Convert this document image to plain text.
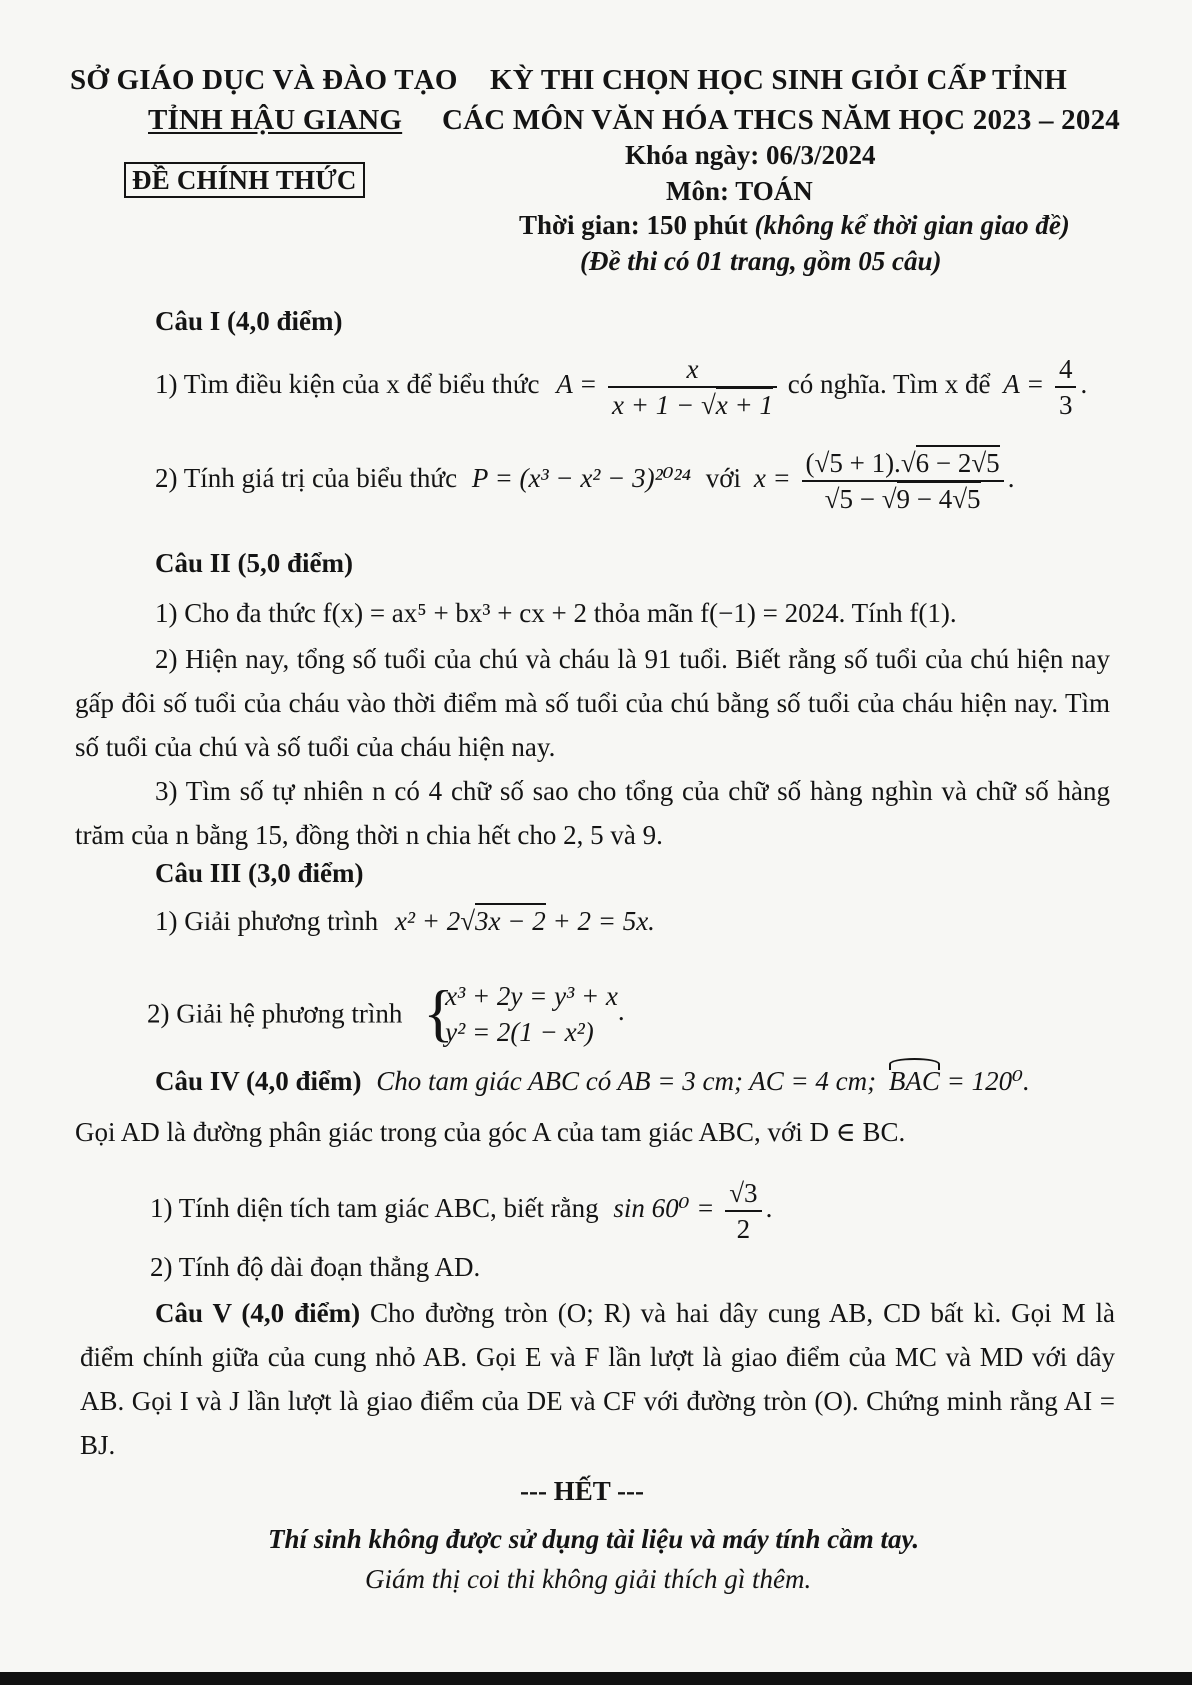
SỞ GIÁO DỤC VÀ ĐÀO TẠO
TỈNH HẬU GIANG
ĐỀ CHÍNH THỨC
KỲ THI CHỌN HỌC SINH GIỎI CẤP TỈNH
CÁC MÔN VĂN HÓA THCS NĂM HỌC 2023 – 2024
Khóa ngày: 06/3/2024
Môn: TOÁN
Thời gian: 150 phút (không kể thời gian giao đề)
(Đề thi có 01 trang, gồm 05 câu)
Câu I (4,0 điểm)
1) Tìm điều kiện của x để biểu thức $A = \frac{x}{x + 1 - √x + 1}$ có nghĩa. Tìm x để $A = \frac{4}{3}$ .
2) Tính giá trị của biểu thức P = (x³ − x² − 3)²⁰²⁴ với $x = \frac{(√5 + 1).√6 - 2√5}{√5 - √9 - 4√5}$ .
Câu II (5,0 điểm)
1) Cho đa thức f(x) = ax⁵ + bx³ + cx + 2 thỏa mãn f(−1) = 2024. Tính f(1).
2) Hiện nay, tổng số tuổi của chú và cháu là 91 tuổi. Biết rằng số tuổi của chú hiện nay gấp đôi số tuổi của cháu vào thời điểm mà số tuổi của chú bằng số tuổi của cháu hiện nay. Tìm số tuổi của chú và số tuổi của cháu hiện nay.
3) Tìm số tự nhiên n có 4 chữ số sao cho tổng của chữ số hàng nghìn và chữ số hàng trăm của n bằng 15, đồng thời n chia hết cho 2, 5 và 9.
Câu III (3,0 điểm)
1) Giải phương trình x² + 2√3x − 2 + 2 = 5x.
2) Giải hệ phương trình {
x³ + 2y = y³ + x
y² = 2(1 − x²)
.
Câu IV (4,0 điểm) Cho tam giác ABC có AB = 3 cm; AC = 4 cm; BAC = 120⁰.
Gọi AD là đường phân giác trong của góc A của tam giác ABC, với D ∈ BC.
1) Tính diện tích tam giác ABC, biết rằng $\sin 60^0 = \frac{√3}{2}$ .
2) Tính độ dài đoạn thẳng AD.
Câu V (4,0 điểm) Cho đường tròn (O; R) và hai dây cung AB, CD bất kì. Gọi M là điểm chính giữa của cung nhỏ AB. Gọi E và F lần lượt là giao điểm của MC và MD với dây AB. Gọi I và J lần lượt là giao điểm của DE và CF với đường tròn (O). Chứng minh rằng AI = BJ.
--- HẾT ---
Thí sinh không được sử dụng tài liệu và máy tính cầm tay.
Giám thị coi thi không giải thích gì thêm.
